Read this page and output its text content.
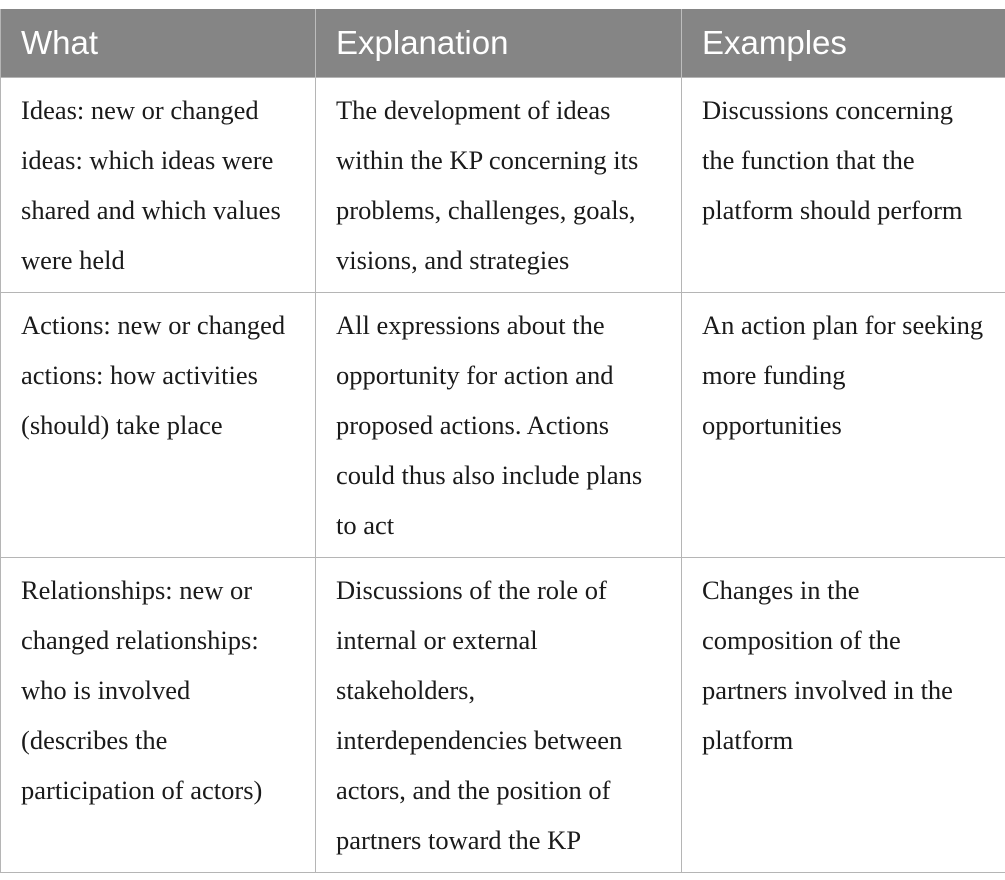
What	Explanation	Examples
Ideas: new or changed ideas: which ideas were shared and which values were held	The development of ideas within the KP concerning its problems, challenges, goals, visions, and strategies	Discussions concerning the function that the platform should perform
Actions: new or changed actions: how activities (should) take place	All expressions about the opportunity for action and proposed actions. Actions could thus also include plans to act	An action plan for seeking more funding opportunities
Relationships: new or changed relationships: who is involved (describes the participation of actors)	Discussions of the role of internal or external stakeholders, interdependencies between actors, and the position of partners toward the KP	Changes in the composition of the partners involved in the platform
